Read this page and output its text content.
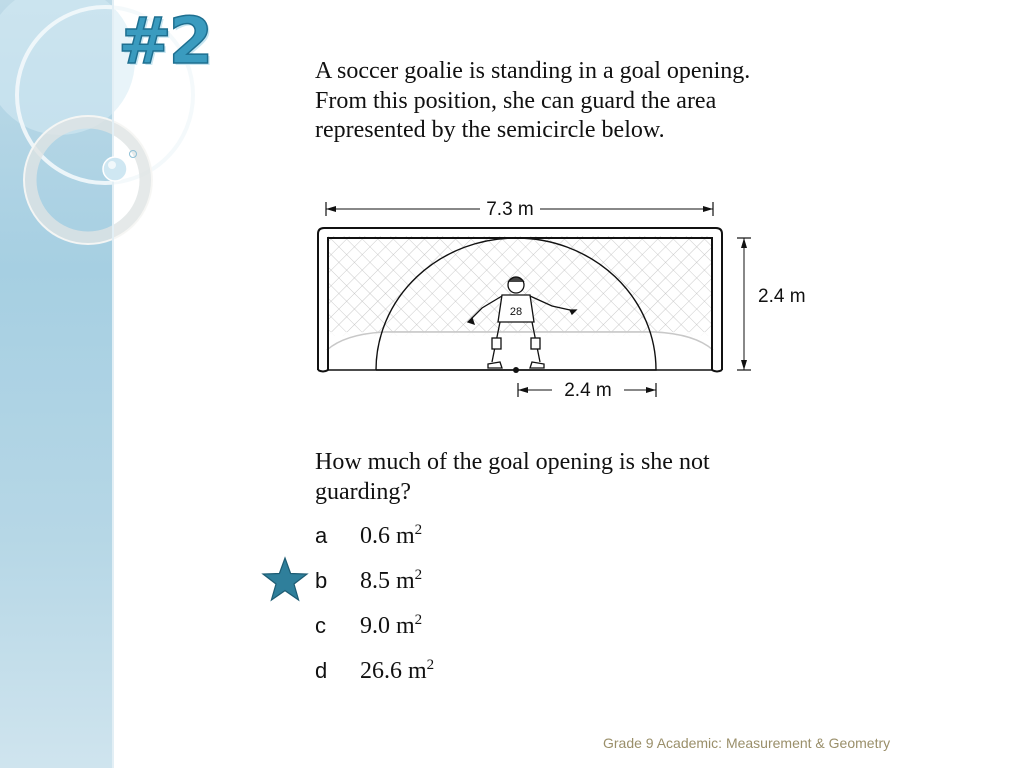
#2	A soccer goalie is standing in a goal opening. From this position, she can guard the area represented by the semicircle below.
7.3 m
28
2.4 m
2.4 m
How much of the goal opening is she not guarding?
a 0.6 $m^2$
b 8.5 $m^2$
c 9.0 $m^2$
d 26.6 $m^2$
Grade 9 Academic: Measurement & Geometry
